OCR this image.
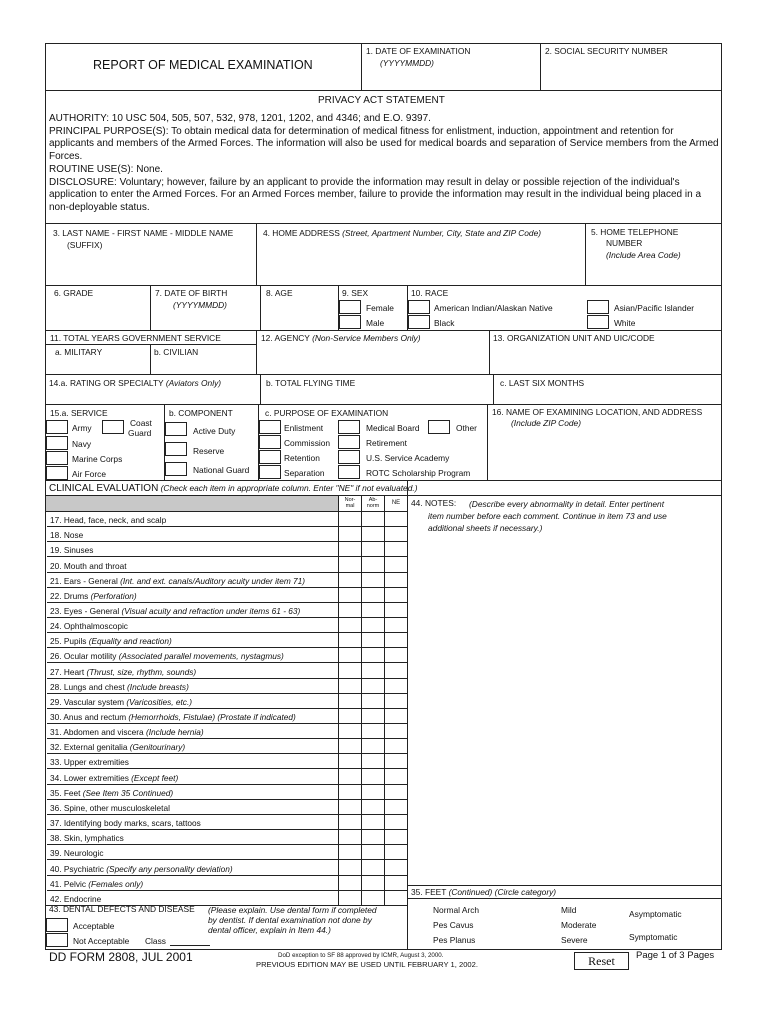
REPORT OF MEDICAL EXAMINATION
1. DATE OF EXAMINATION
(YYYYMMDD)
2. SOCIAL SECURITY NUMBER
PRIVACY ACT STATEMENT
AUTHORITY: 10 USC 504, 505, 507, 532, 978, 1201, 1202, and 4346; and E.O. 9397.
PRINCIPAL PURPOSE(S): To obtain medical data for determination of medical fitness for enlistment, induction, appointment and retention for applicants and members of the Armed Forces. The information will also be used for medical boards and separation of Service members from the Armed Forces.
ROUTINE USE(S): None.
DISCLOSURE: Voluntary; however, failure by an applicant to provide the information may result in delay or possible rejection of the individual's application to enter the Armed Forces. For an Armed Forces member, failure to provide the information may result in the individual being placed in a non-deployable status.
3. LAST NAME - FIRST NAME - MIDDLE NAME
(SUFFIX)
4. HOME ADDRESS (Street, Apartment Number, City, State and ZIP Code)	5. HOME TELEPHONE
NUMBER
(Include Area Code)
6. GRADE	7. DATE OF BIRTH
(YYYYMMDD)
8. AGE	9. SEX
Female
Male
10. RACE
American Indian/Alaskan Native
Black
Asian/Pacific Islander
White
11. TOTAL YEARS GOVERNMENT SERVICE
a. MILITARY	b. CIVILIAN
12. AGENCY (Non-Service Members Only)	13. ORGANIZATION UNIT AND UIC/CODE
14.a. RATING OR SPECIALTY (Aviators Only)	b. TOTAL FLYING TIME	c. LAST SIX MONTHS
15.a. SERVICE
Army	Coast
Guard
Navy
Marine Corps
Air Force
b. COMPONENT
Active Duty
Reserve
National Guard
c. PURPOSE OF EXAMINATION
Enlistment
Commission
Retention
Separation
Medical Board	Other
Retirement
U.S. Service Academy
ROTC Scholarship Program
16. NAME OF EXAMINING LOCATION, AND ADDRESS
(Include ZIP Code)
CLINICAL EVALUATION (Check each item in appropriate column. Enter "NE" if not evaluated.)
Nor-
mal
Ab-
norm	NE	44. NOTES:	(Describe every abnormality in detail. Enter pertinent item number before each comment. Continue in item 73 and use additional sheets if necessary.)
17. Head, face, neck, and scalp
18. Nose
19. Sinuses
20. Mouth and throat
21. Ears - General (Int. and ext. canals/Auditory acuity under item 71)
22. Drums (Perforation)
23. Eyes - General (Visual acuity and refraction under items 61 - 63)
24. Ophthalmoscopic
25. Pupils (Equality and reaction)
26. Ocular motility (Associated parallel movements, nystagmus)
27. Heart (Thrust, size, rhythm, sounds)
28. Lungs and chest (Include breasts)
29. Vascular system (Varicosities, etc.)
30. Anus and rectum (Hemorrhoids, Fistulae) (Prostate if indicated)
31. Abdomen and viscera (Include hernia)
32. External genitalia (Genitourinary)
33. Upper extremities
34. Lower extremities (Except feet)
35. Feet (See Item 35 Continued)
36. Spine, other musculoskeletal
37. Identifying body marks, scars, tattoos
38. Skin, lymphatics
39. Neurologic
40. Psychiatric (Specify any personality deviation)
41. Pelvic (Females only)
42. Endocrine
35. FEET (Continued) (Circle category)
Normal Arch
Pes Cavus
Pes Planus
Mild
Moderate
Severe
Asymptomatic
Symptomatic
43. DENTAL DEFECTS AND DISEASE (Please explain. Use dental form if completed
by dentist. If dental examination not done by
dental officer, explain in Item 44.)
Acceptable
Not Acceptable Class
DD FORM 2808, JUL 2001	DoD exception to SF 88 approved by ICMR, August 3, 2000.
PREVIOUS EDITION MAY BE USED UNTIL FEBRUARY 1, 2002.	Reset	Page 1 of 3 Pages
